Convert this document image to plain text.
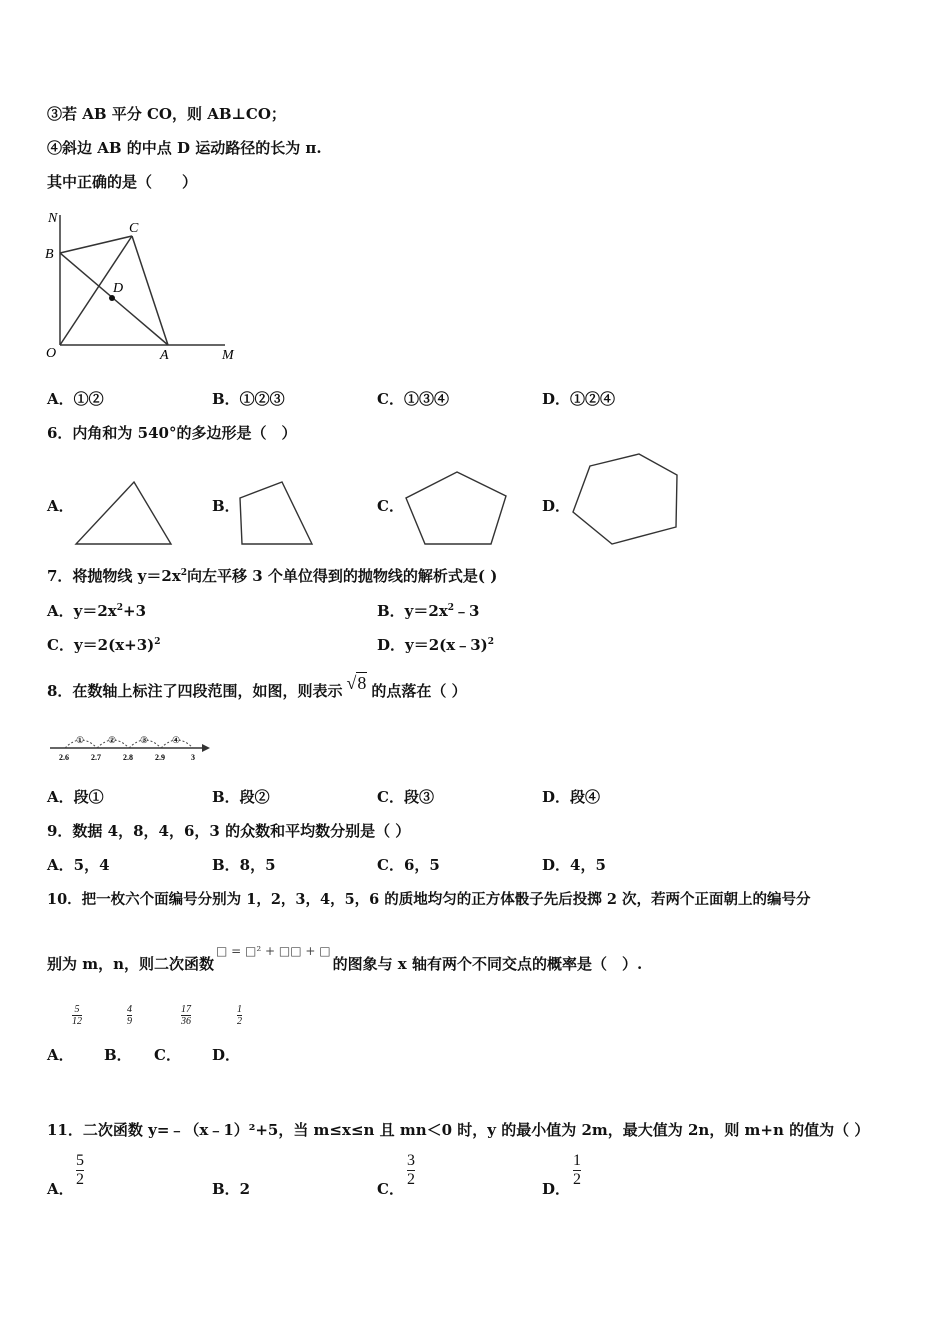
③若 AB 平分 CO，则 AB⊥CO；
④斜边 AB 的中点 D 运动路径的长为 π.
其中正确的是（　　）
N
C
B
D
O	A	M
A．①②	B．①②③	C．①③④	D．①②④
6．内角和为 540°的多边形是（　）
A．	B．	C．	D．
7．将抛物线 $y=2x^2$向左平移 3 个单位得到的抛物线的解析式是( )
A．$y=2x^2+3$	B．$y=2x^2﹣3$
C．$y=2(x+3)^2$	D．y＝2(x﹣3)$^2$
8．在数轴上标注了四段范围，如图，则表示 √8 的点落在（ ）
①	②	③	④
2.6	2.7	2.8	2.9	3
A．段①	B．段②	C．段③	D．段④
9．数据 4，8，4，6，3 的众数和平均数分别是（ ）
A．5，4	B．8，5	C．6，5	D．4，5
10．把一枚六个面编号分别为 1，2，3，4，5，6 的质地均匀的正方体骰子先后投掷 2 次，若两个正面朝上的编号分
别为 m，n，则二次函数□ = □² + □□ + □的图象与 x 轴有两个不同交点的概率是（　）.
5
12
4
9
17
36
1
2
A． B． C． D．
11．二次函数 y=﹣（x﹣1）²+5，当 m≤x≤n 且 mn＜0 时，y 的最小值为 2m，最大值为 2n，则 m+n 的值为（ ）
A．
5
2
B．2	C．
3
2
D．
1
2
